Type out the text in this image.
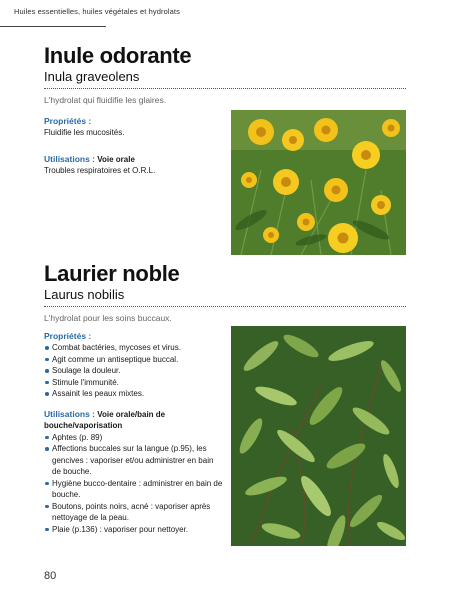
Huiles essentielles, huiles végétales et hydrolats
Inule odorante
Inula graveolens
L'hydrolat qui fluidifie les glaires.
Propriétés :
Fluidifie les mucosités.
Utilisations : Voie orale
Troubles respiratoires et O.R.L.
Laurier noble
Laurus nobilis
L'hydrolat pour les soins buccaux.
Propriétés :
Combat bactéries, mycoses et virus.
Agit comme un antiseptique buccal.
Soulage la douleur.
Stimule l'immunité.
Assainit les peaux mixtes.
Utilisations : Voie orale/bain de
bouche/vaporisation
Aphtes (p. 89)
Affections buccales sur la langue (p.95), les gencives : vaporiser et/ou administrer en bain de bouche.
Hygiène bucco-dentaire : administrer en bain de bouche.
Boutons, points noirs, acné : vaporiser après nettoyage de la peau.
Plaie (p.136) : vaporiser pour nettoyer.
80
